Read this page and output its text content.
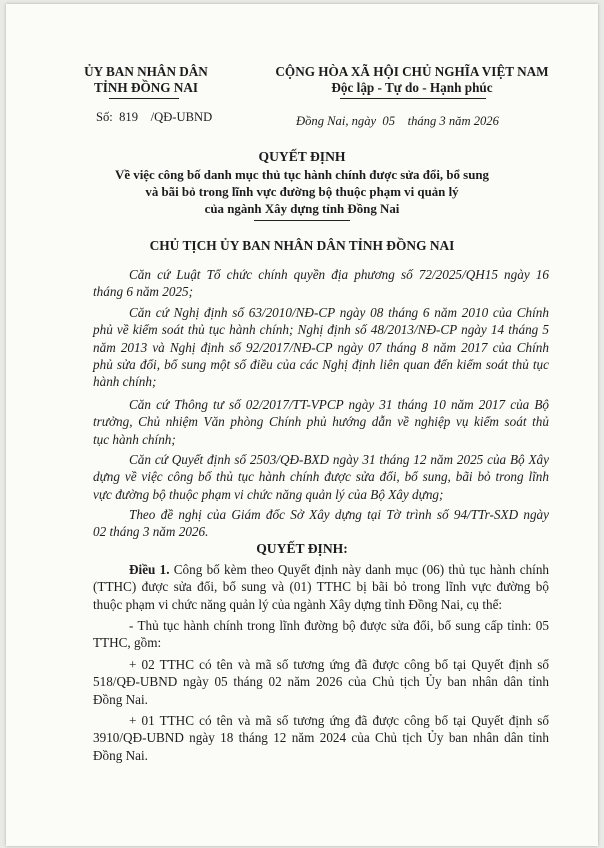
ỦY BAN NHÂN DÂN
TỈNH ĐỒNG NAI
Số: 819 /QĐ-UBND
CỘNG HÒA XÃ HỘI CHỦ NGHĨA VIỆT NAM
Độc lập - Tự do - Hạnh phúc
Đồng Nai, ngày 05 tháng 3 năm 2026
QUYẾT ĐỊNH
Về việc công bố danh mục thủ tục hành chính được sửa đổi, bổ sung
và bãi bỏ trong lĩnh vực đường bộ thuộc phạm vi quản lý
của ngành Xây dựng tỉnh Đồng Nai
CHỦ TỊCH ỦY BAN NHÂN DÂN TỈNH ĐỒNG NAI
Căn cứ Luật Tổ chức chính quyền địa phương số 72/2025/QH15 ngày 16
tháng 6 năm 2025;
Căn cứ Nghị định số 63/2010/NĐ-CP ngày 08 tháng 6 năm 2010 của Chính
phủ về kiểm soát thủ tục hành chính; Nghị định số 48/2013/NĐ-CP ngày 14 tháng 5
năm 2013 và Nghị định số 92/2017/NĐ-CP ngày 07 tháng 8 năm 2017 của Chính
phủ sửa đổi, bổ sung một số điều của các Nghị định liên quan đến kiểm soát thủ tục
hành chính;
Căn cứ Thông tư số 02/2017/TT-VPCP ngày 31 tháng 10 năm 2017 của Bộ
trưởng, Chủ nhiệm Văn phòng Chính phủ hướng dẫn về nghiệp vụ kiểm soát thủ
tục hành chính;
Căn cứ Quyết định số 2503/QĐ-BXD ngày 31 tháng 12 năm 2025 của Bộ Xây
dựng về việc công bố thủ tục hành chính được sửa đổi, bổ sung, bãi bỏ trong lĩnh
vực đường bộ thuộc phạm vi chức năng quản lý của Bộ Xây dựng;
Theo đề nghị của Giám đốc Sở Xây dựng tại Tờ trình số 94/TTr-SXD ngày
02 tháng 3 năm 2026.
QUYẾT ĐỊNH:
Điều 1. Công bố kèm theo Quyết định này danh mục (06) thủ tục hành chính
(TTHC) được sửa đổi, bổ sung và (01) TTHC bị bãi bỏ trong lĩnh vực đường bộ
thuộc phạm vi chức năng quản lý của ngành Xây dựng tỉnh Đồng Nai, cụ thể:
- Thủ tục hành chính trong lĩnh đường bộ được sửa đổi, bổ sung cấp tỉnh: 05
TTHC, gồm:
+ 02 TTHC có tên và mã số tương ứng đã được công bố tại Quyết định số
518/QĐ-UBND ngày 05 tháng 02 năm 2026 của Chủ tịch Ủy ban nhân dân tỉnh
Đồng Nai.
+ 01 TTHC có tên và mã số tương ứng đã được công bố tại Quyết định số
3910/QĐ-UBND ngày 18 tháng 12 năm 2024 của Chủ tịch Ủy ban nhân dân tỉnh
Đồng Nai.
